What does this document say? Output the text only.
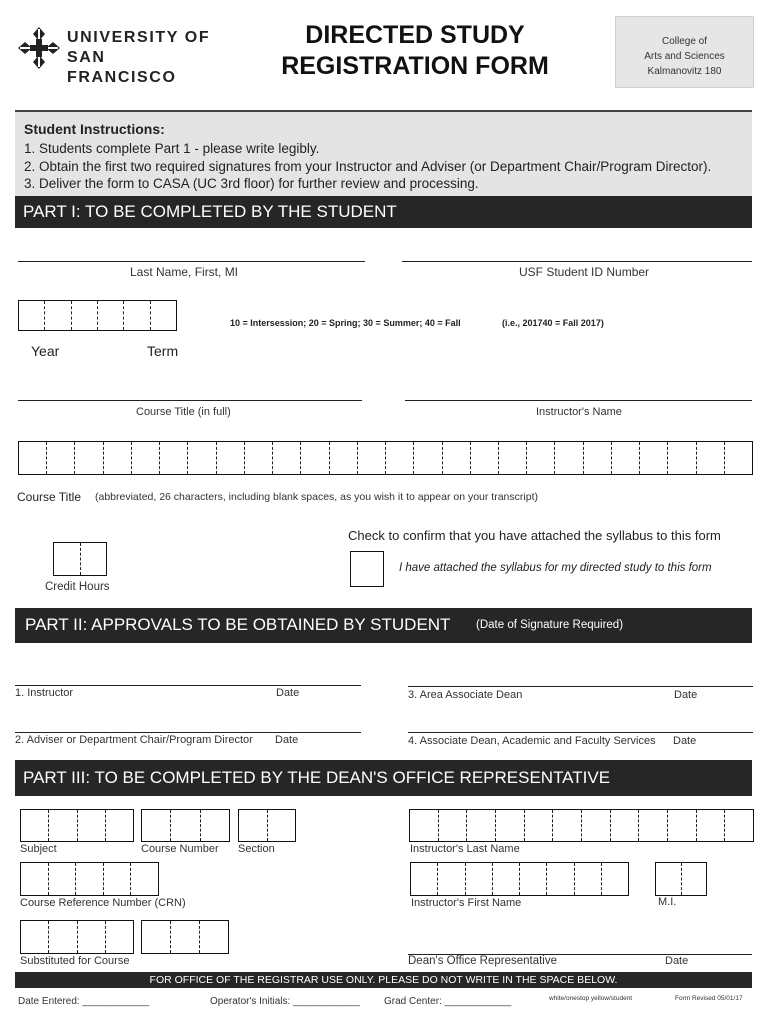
UNIVERSITY OF
SAN FRANCISCO
DIRECTED STUDY
REGISTRATION FORM
College of
Arts and Sciences
Kalmanovitz 180
Student Instructions:
1. Students complete Part 1 - please write legibly.
2. Obtain the first two required signatures from your Instructor and Adviser (or Department Chair/Program Director).
3. Deliver the form to CASA (UC 3rd floor) for further review and processing.
PART I: TO BE COMPLETED BY THE STUDENT
Last Name, First, MI	USF Student ID Number
10 = Intersession; 20 = Spring; 30 = Summer; 40 = Fall	(i.e., 201740 = Fall 2017)
Year	Term
Course Title (in full)	Instructor's Name
Course Title (abbreviated, 26 characters, including blank spaces, as you wish it to appear on your transcript)
Check to confirm that you have attached the syllabus to this form
I have attached the syllabus for my directed study to this form
Credit Hours
PART II: APPROVALS TO BE OBTAINED BY STUDENT (Date of Signature Required)
1. Instructor	Date	3. Area Associate Dean	Date
2. Adviser or Department Chair/Program Director Date	4. Associate Dean, Academic and Faculty Services Date
PART III: TO BE COMPLETED BY THE DEAN'S OFFICE REPRESENTATIVE
Subject	Course Number Section	Instructor's Last Name
Course Reference Number (CRN)	Instructor's First Name	M.I.
Substituted for Course	Dean's Office Representative	Date
FOR OFFICE OF THE REGISTRAR USE ONLY. PLEASE DO NOT WRITE IN THE SPACE BELOW.
Date Entered: ____________	Operator's Initials: ____________ Grad Center: ____________	white/onestop yellow/student	Form Revised 05/01/17
